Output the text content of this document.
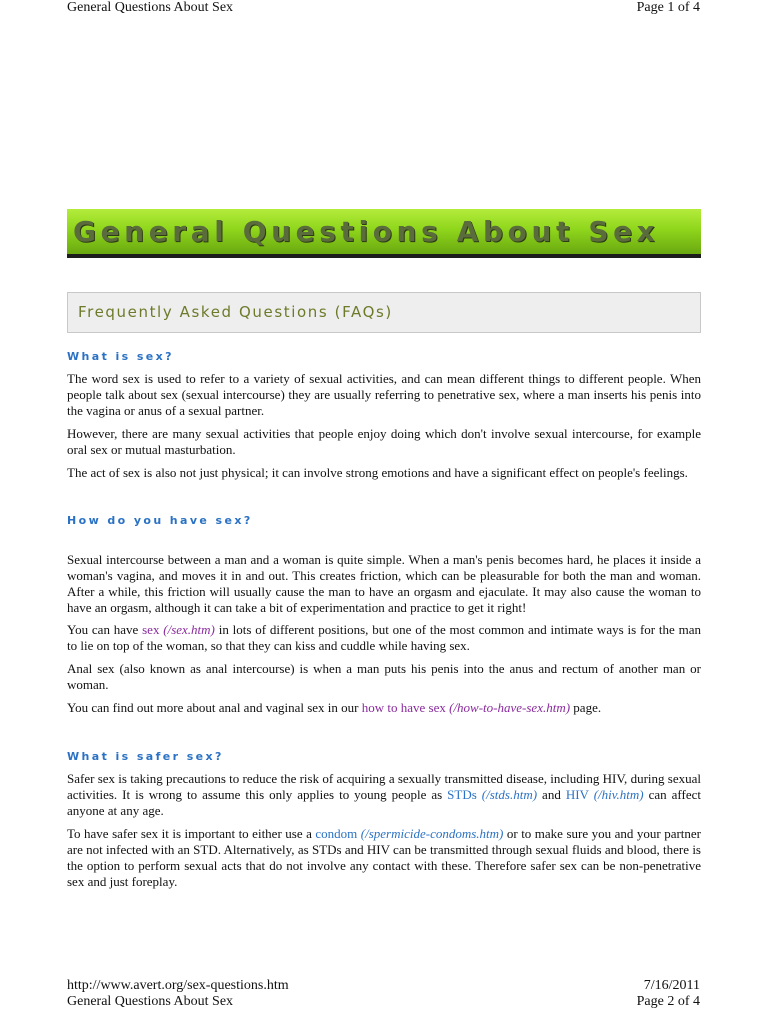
General Questions About Sex	Page 1 of 4
General Questions About Sex
Frequently Asked Questions (FAQs)
What is sex?

The word sex is used to refer to a variety of sexual activities, and can mean different things to different people. When people talk about sex (sexual intercourse) they are usually referring to penetrative sex, where a man inserts his penis into the vagina or anus of a sexual partner.

However, there are many sexual activities that people enjoy doing which don't involve sexual intercourse, for example oral sex or mutual masturbation.

The act of sex is also not just physical; it can involve strong emotions and have a significant effect on people's feelings.

How do you have sex?

Sexual intercourse between a man and a woman is quite simple. When a man's penis becomes hard, he places it inside a woman's vagina, and moves it in and out. This creates friction, which can be pleasurable for both the man and woman. After a while, this friction will usually cause the man to have an orgasm and ejaculate. It may also cause the woman to have an orgasm, although it can take a bit of experimentation and practice to get it right!

You can have sex (/sex.htm) in lots of different positions, but one of the most common and intimate ways is for the man to lie on top of the woman, so that they can kiss and cuddle while having sex.

Anal sex (also known as anal intercourse) is when a man puts his penis into the anus and rectum of another man or woman.

You can find out more about anal and vaginal sex in our how to have sex (/how-to-have-sex.htm) page.

What is safer sex?

Safer sex is taking precautions to reduce the risk of acquiring a sexually transmitted disease, including HIV, during sexual activities. It is wrong to assume this only applies to young people as STDs (/stds.htm) and HIV (/hiv.htm) can affect anyone at any age.

To have safer sex it is important to either use a condom (/spermicide-condoms.htm) or to make sure you and your partner are not infected with an STD. Alternatively, as STDs and HIV can be transmitted through sexual fluids and blood, there is the option to perform sexual acts that do not involve any contact with these. Therefore safer sex can be non-penetrative sex and just foreplay.

http://www.avert.org/sex-questions.htm	7/16/2011
General Questions About Sex	Page 2 of 4
